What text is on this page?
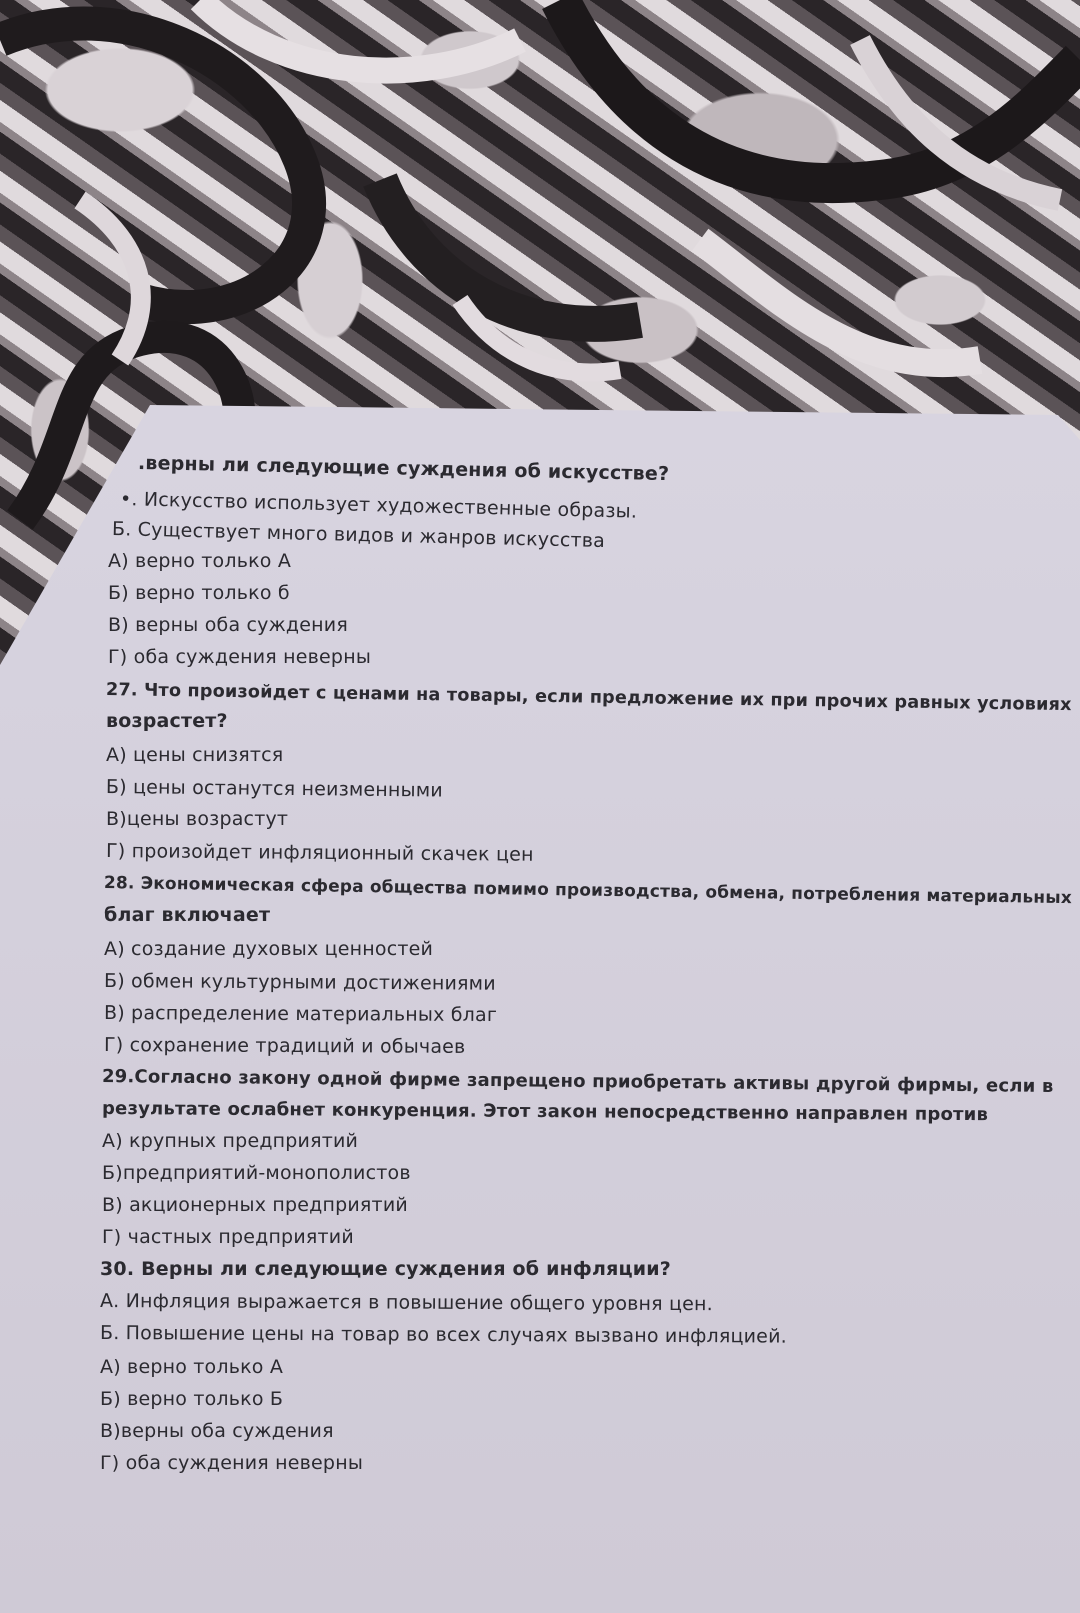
.верны ли следующие суждения об искусстве?
•. Искусство использует художественные образы.
Б. Существует много видов и жанров искусства
А) верно только А
Б) верно только б
В) верны оба суждения
Г) оба суждения неверны
27. Что произойдет с ценами на товары, если предложение их при прочих равных условиях
возрастет?
А) цены снизятся
Б) цены останутся неизменными
В)цены возрастут
Г) произойдет инфляционный скачек цен
28. Экономическая сфера общества помимо производства, обмена, потребления материальных
благ включает
А) создание духовых ценностей
Б) обмен культурными достижениями
В) распределение материальных благ
Г) сохранение традиций и обычаев
29.Согласно закону одной фирме запрещено приобретать активы другой фирмы, если в
результате ослабнет конкуренция. Этот закон непосредственно направлен против
А) крупных предприятий
Б)предприятий-монополистов
В) акционерных предприятий
Г) частных предприятий
30. Верны ли следующие суждения об инфляции?
А. Инфляция выражается в повышение общего уровня цен.
Б. Повышение цены на товар во всех случаях вызвано инфляцией.
А) верно только А
Б) верно только Б
В)верны оба суждения
Г) оба суждения неверны
